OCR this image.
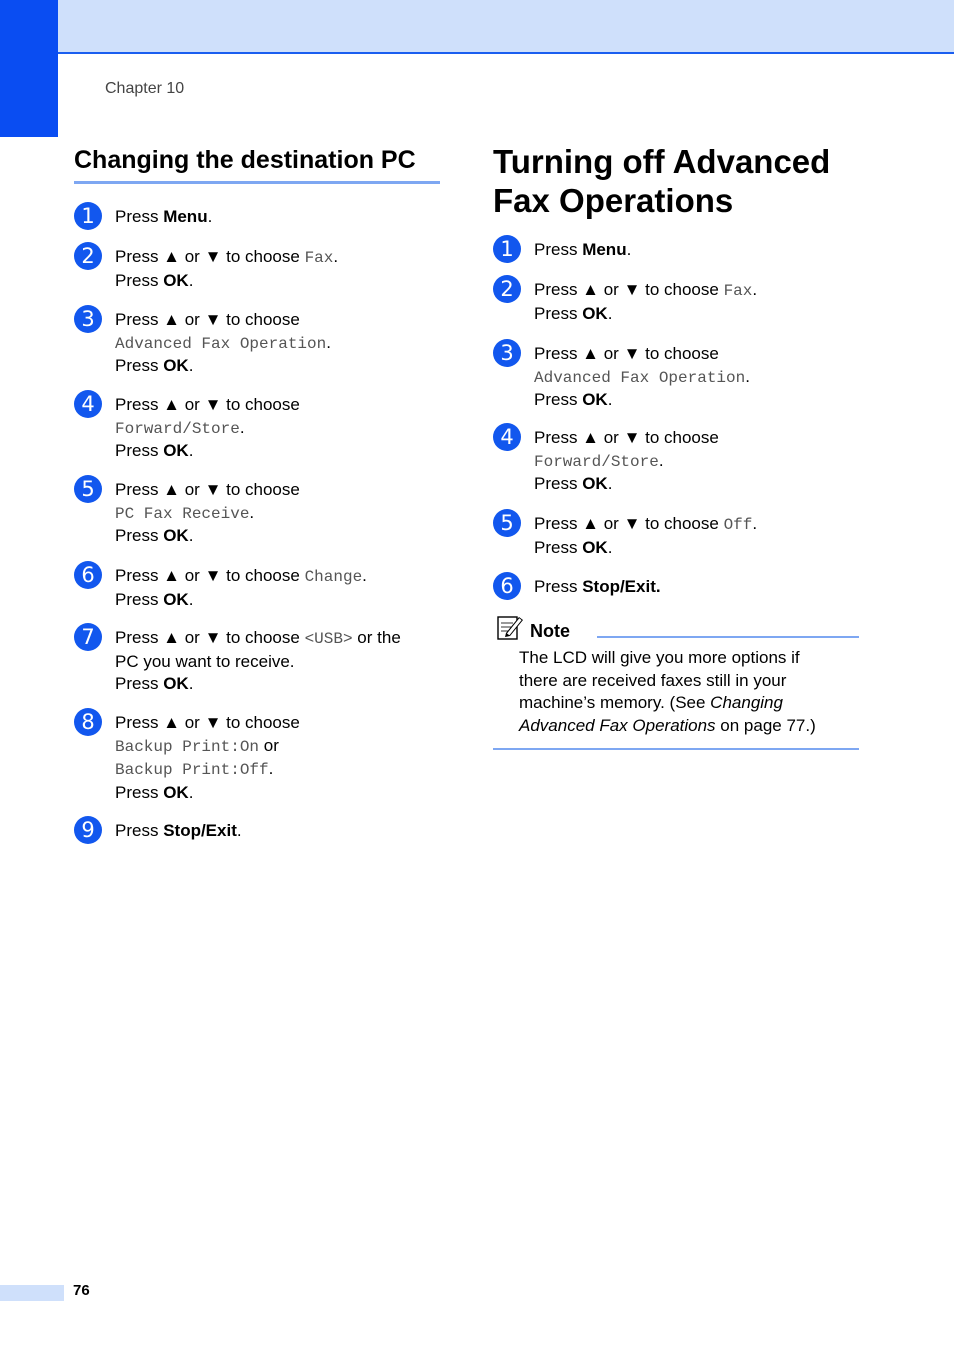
Chapter 10
Changing the destination PC	Turning off Advanced
Fax Operations
1	Press Menu.
2	Press ▲ or ▼ to choose Fax.
Press OK.
3	Press ▲ or ▼ to choose
Advanced Fax Operation.
Press OK.
4	Press ▲ or ▼ to choose
Forward/Store.
Press OK.
5	Press ▲ or ▼ to choose
PC Fax Receive.
Press OK.
6	Press ▲ or ▼ to choose Change.
Press OK.
7	Press ▲ or ▼ to choose <USB> or the
PC you want to receive.
Press OK.
8	Press ▲ or ▼ to choose
Backup Print:On or
Backup Print:Off.
Press OK.
9	Press Stop/Exit.
1	Press Menu.
2	Press ▲ or ▼ to choose Fax.
Press OK.
3	Press ▲ or ▼ to choose
Advanced Fax Operation.
Press OK.
4	Press ▲ or ▼ to choose
Forward/Store.
Press OK.
5	Press ▲ or ▼ to choose Off.
Press OK.
6	Press Stop/Exit.
Note
The LCD will give you more options if
there are received faxes still in your
machine’s memory. (See Changing
Advanced Fax Operations on page 77.)
76
